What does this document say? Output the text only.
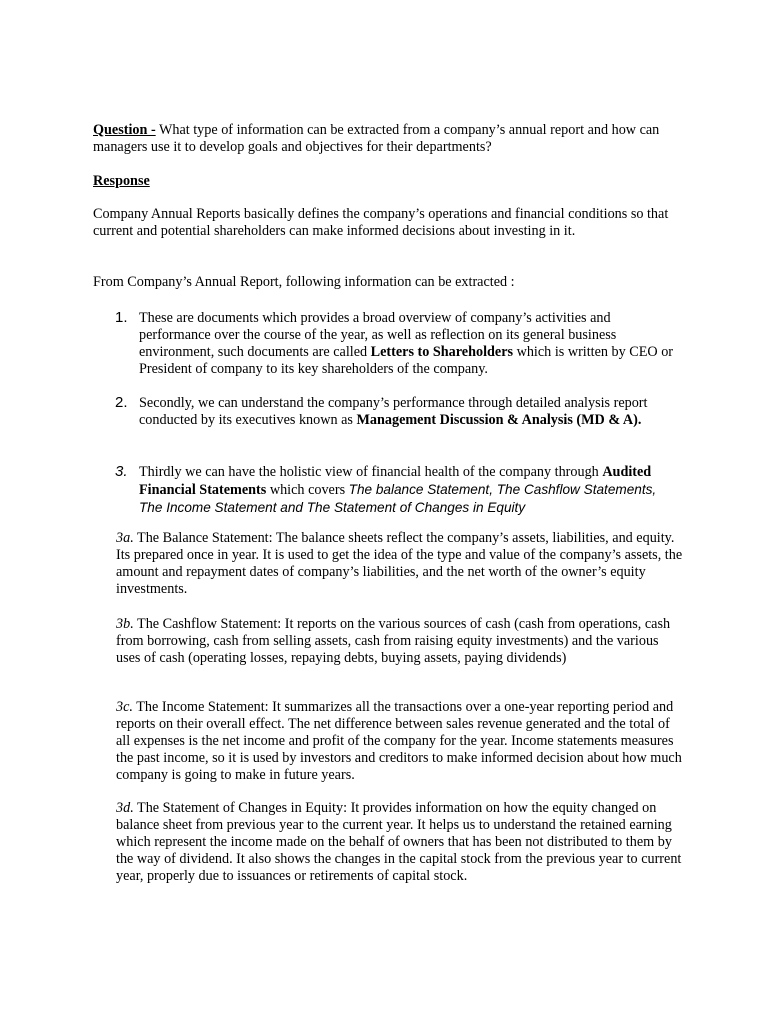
Question - What type of information can be extracted from a company’s annual report and how can managers use it to develop goals and objectives for their departments?

Response

Company Annual Reports basically defines the company’s operations and financial conditions so that current and potential shareholders can make informed decisions about investing in it.

From Company’s Annual Report, following information can be extracted :

1. These are documents which provides a broad overview of company’s activities and performance over the course of the year, as well as reflection on its general business environment, such documents are called Letters to Shareholders which is written by CEO or President of company to its key shareholders of the company.
2. Secondly, we can understand the company’s performance through detailed analysis report conducted by its executives known as Management Discussion & Analysis (MD & A).
3. Thirdly we can have the holistic view of financial health of the company through Audited Financial Statements which covers The balance Statement, The Cashflow Statements, The Income Statement and The Statement of Changes in Equity

3a. The Balance Statement: The balance sheets reflect the company’s assets, liabilities, and equity. Its prepared once in year. It is used to get the idea of the type and value of the company’s assets, the amount and repayment dates of company’s liabilities, and the net worth of the owner’s equity investments.

3b. The Cashflow Statement: It reports on the various sources of cash (cash from operations, cash from borrowing, cash from selling assets, cash from raising equity investments) and the various uses of cash (operating losses, repaying debts, buying assets, paying dividends)

3c. The Income Statement: It summarizes all the transactions over a one-year reporting period and reports on their overall effect. The net difference between sales revenue generated and the total of all expenses is the net income and profit of the company for the year. Income statements measures the past income, so it is used by investors and creditors to make informed decision about how much company is going to make in future years.

3d. The Statement of Changes in Equity: It provides information on how the equity changed on balance sheet from previous year to the current year. It helps us to understand the retained earning which represent the income made on the behalf of owners that has been not distributed to them by the way of dividend. It also shows the changes in the capital stock from the previous year to current year, properly due to issuances or retirements of capital stock.
